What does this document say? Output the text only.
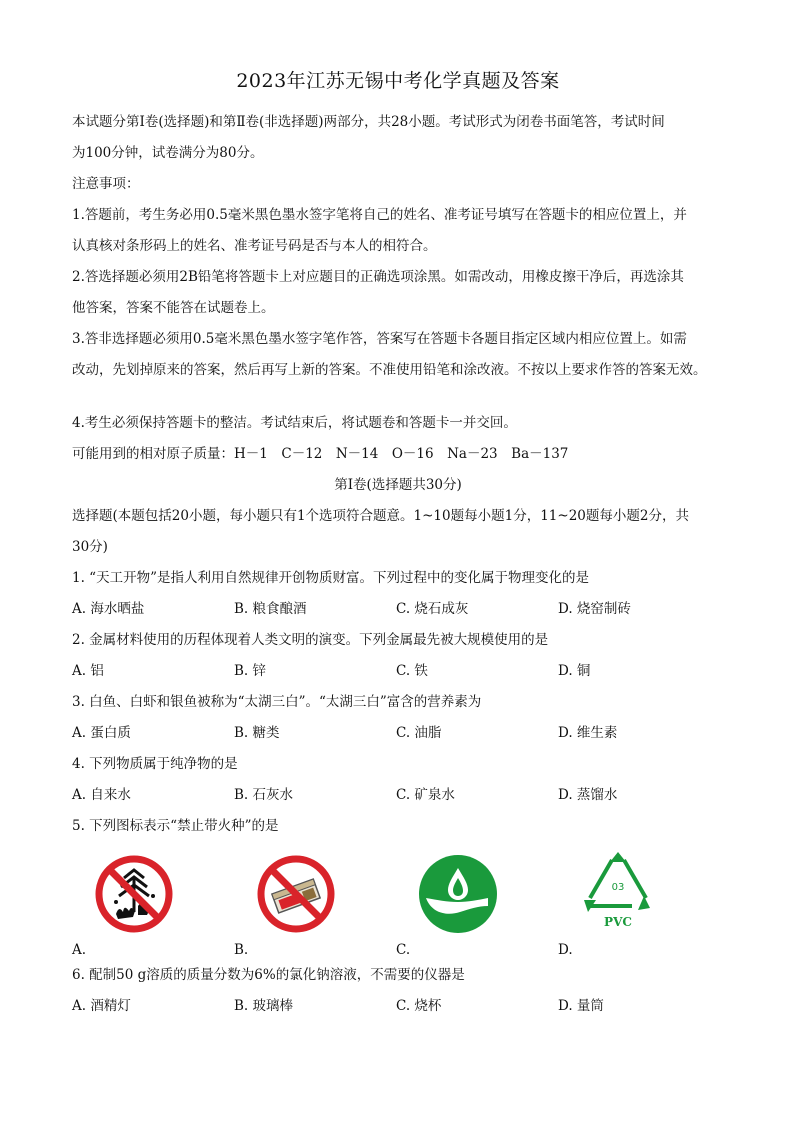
2023年江苏无锡中考化学真题及答案
本试题分第Ⅰ卷(选择题)和第Ⅱ卷(非选择题)两部分，共28小题。考试形式为闭卷书面笔答，考试时间
为100分钟，试卷满分为80分。
注意事项：
1.答题前，考生务必用0.5毫米黑色墨水签字笔将自己的姓名、准考证号填写在答题卡的相应位置上，并
认真核对条形码上的姓名、准考证号码是否与本人的相符合。
2.答选择题必须用2B铅笔将答题卡上对应题目的正确选项涂黑。如需改动，用橡皮擦干净后，再选涂其
他答案，答案不能答在试题卷上。
3.答非选择题必须用0.5毫米黑色墨水签字笔作答，答案写在答题卡各题目指定区域内相应位置上。如需
改动，先划掉原来的答案，然后再写上新的答案。不准使用铅笔和涂改液。不按以上要求作答的答案无效。
4.考生必须保持答题卡的整洁。考试结束后，将试题卷和答题卡一并交回。
可能用到的相对原子质量：H－1　C－12　N－14　O－16　Na－23　Ba－137
第Ⅰ卷(选择题共30分)
选择题(本题包括20小题，每小题只有1个选项符合题意。1~10题每小题1分，11~20题每小题2分，共
30分)
1. “天工开物”是指人利用自然规律开创物质财富。下列过程中的变化属于物理变化的是
A. 海水晒盐	B. 粮食酿酒	C. 烧石成灰	D. 烧窑制砖
2. 金属材料使用的历程体现着人类文明的演变。下列金属最先被大规模使用的是
A. 铝	B. 锌	C. 铁	D. 铜
3. 白鱼、白虾和银鱼被称为“太湖三白”。“太湖三白”富含的营养素为
A. 蛋白质	B. 糖类	C. 油脂	D. 维生素
4. 下列物质属于纯净物的是
A. 自来水	B. 石灰水	C. 矿泉水	D. 蒸馏水
5. 下列图标表示“禁止带火种”的是
A.	B.	C.	D.
03
PVC
6. 配制50 g溶质的质量分数为6%的氯化钠溶液，不需要的仪器是
A. 酒精灯	B. 玻璃棒	C. 烧杯	D. 量筒
